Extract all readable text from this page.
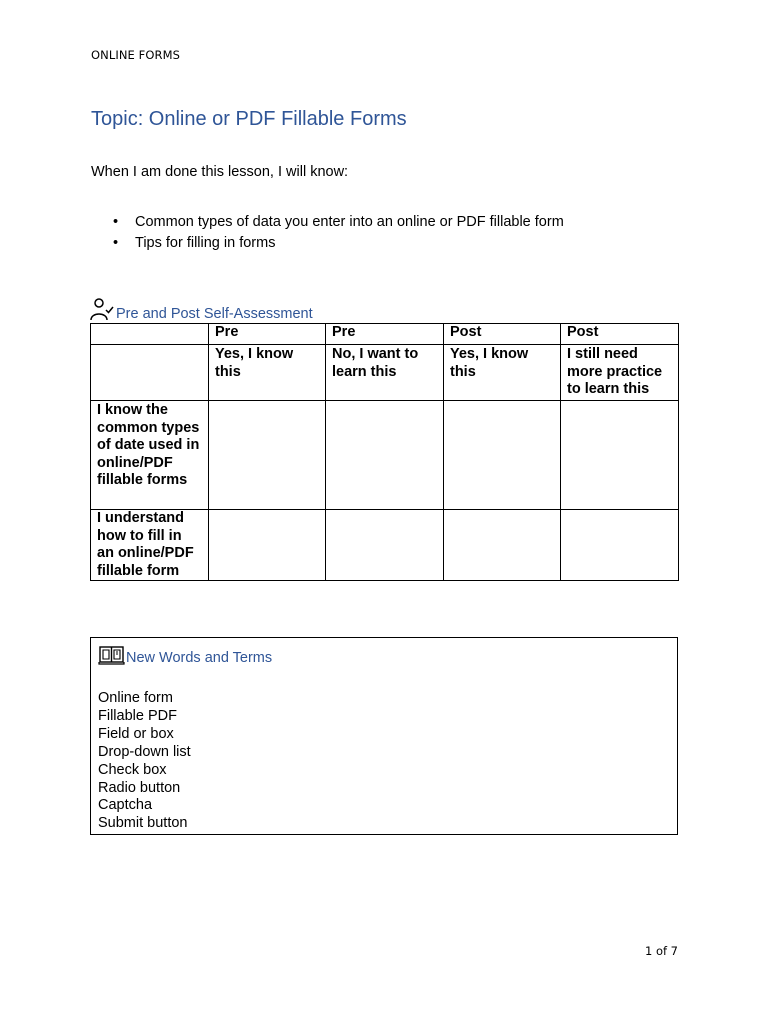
ONLINE FORMS
Topic: Online or PDF Fillable Forms
When I am done this lesson, I will know:
• Common types of data you enter into an online or PDF fillable form
• Tips for filling in forms
Pre and Post Self-Assessment
	Pre	Pre	Post	Post
	Yes, I know this	No, I want to learn this	Yes, I know this	I still need more practice to learn this
I know the common types of date used in online/PDF fillable forms				
I understand how to fill in an online/PDF fillable form				
New Words and Terms
Online form
Fillable PDF
Field or box
Drop-down list
Check box
Radio button
Captcha
Submit button
1 of 7
